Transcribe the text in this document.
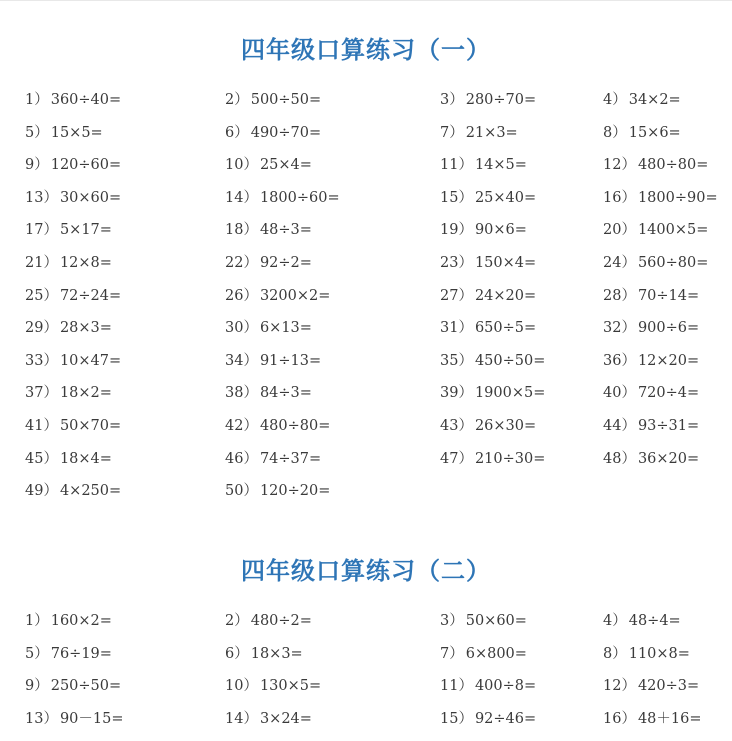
四年级口算练习（一）
1） 360÷40=	2） 500÷50=	3） 280÷70=	4） 34×2=
5） 15×5=	6） 490÷70=	7） 21×3=	8） 15×6=
9） 120÷60=	10） 25×4=	11） 14×5=	12） 480÷80=
13） 30×60=	14） 1800÷60=	15） 25×40=	16） 1800÷90=
17） 5×17=	18） 48÷3=	19） 90×6=	20） 1400×5=
21） 12×8=	22） 92÷2=	23） 150×4=	24） 560÷80=
25） 72÷24=	26） 3200×2=	27） 24×20=	28） 70÷14=
29） 28×3=	30） 6×13=	31） 650÷5=	32） 900÷6=
33） 10×47=	34） 91÷13=	35） 450÷50=	36） 12×20=
37） 18×2=	38） 84÷3=	39） 1900×5=	40） 720÷4=
41） 50×70=	42） 480÷80=	43） 26×30=	44） 93÷31=
45） 18×4=	46） 74÷37=	47） 210÷30=	48） 36×20=
49） 4×250=	50） 120÷20=
四年级口算练习（二）
1） 160×2=	2） 480÷2=	3） 50×60=	4） 48÷4=
5） 76÷19=	6） 18×3=	7） 6×800=	8） 110×8=
9） 250÷50=	10） 130×5=	11） 400÷8=	12） 420÷3=
13） 90－15=	14） 3×24=	15） 92÷46=	16） 48＋16=
